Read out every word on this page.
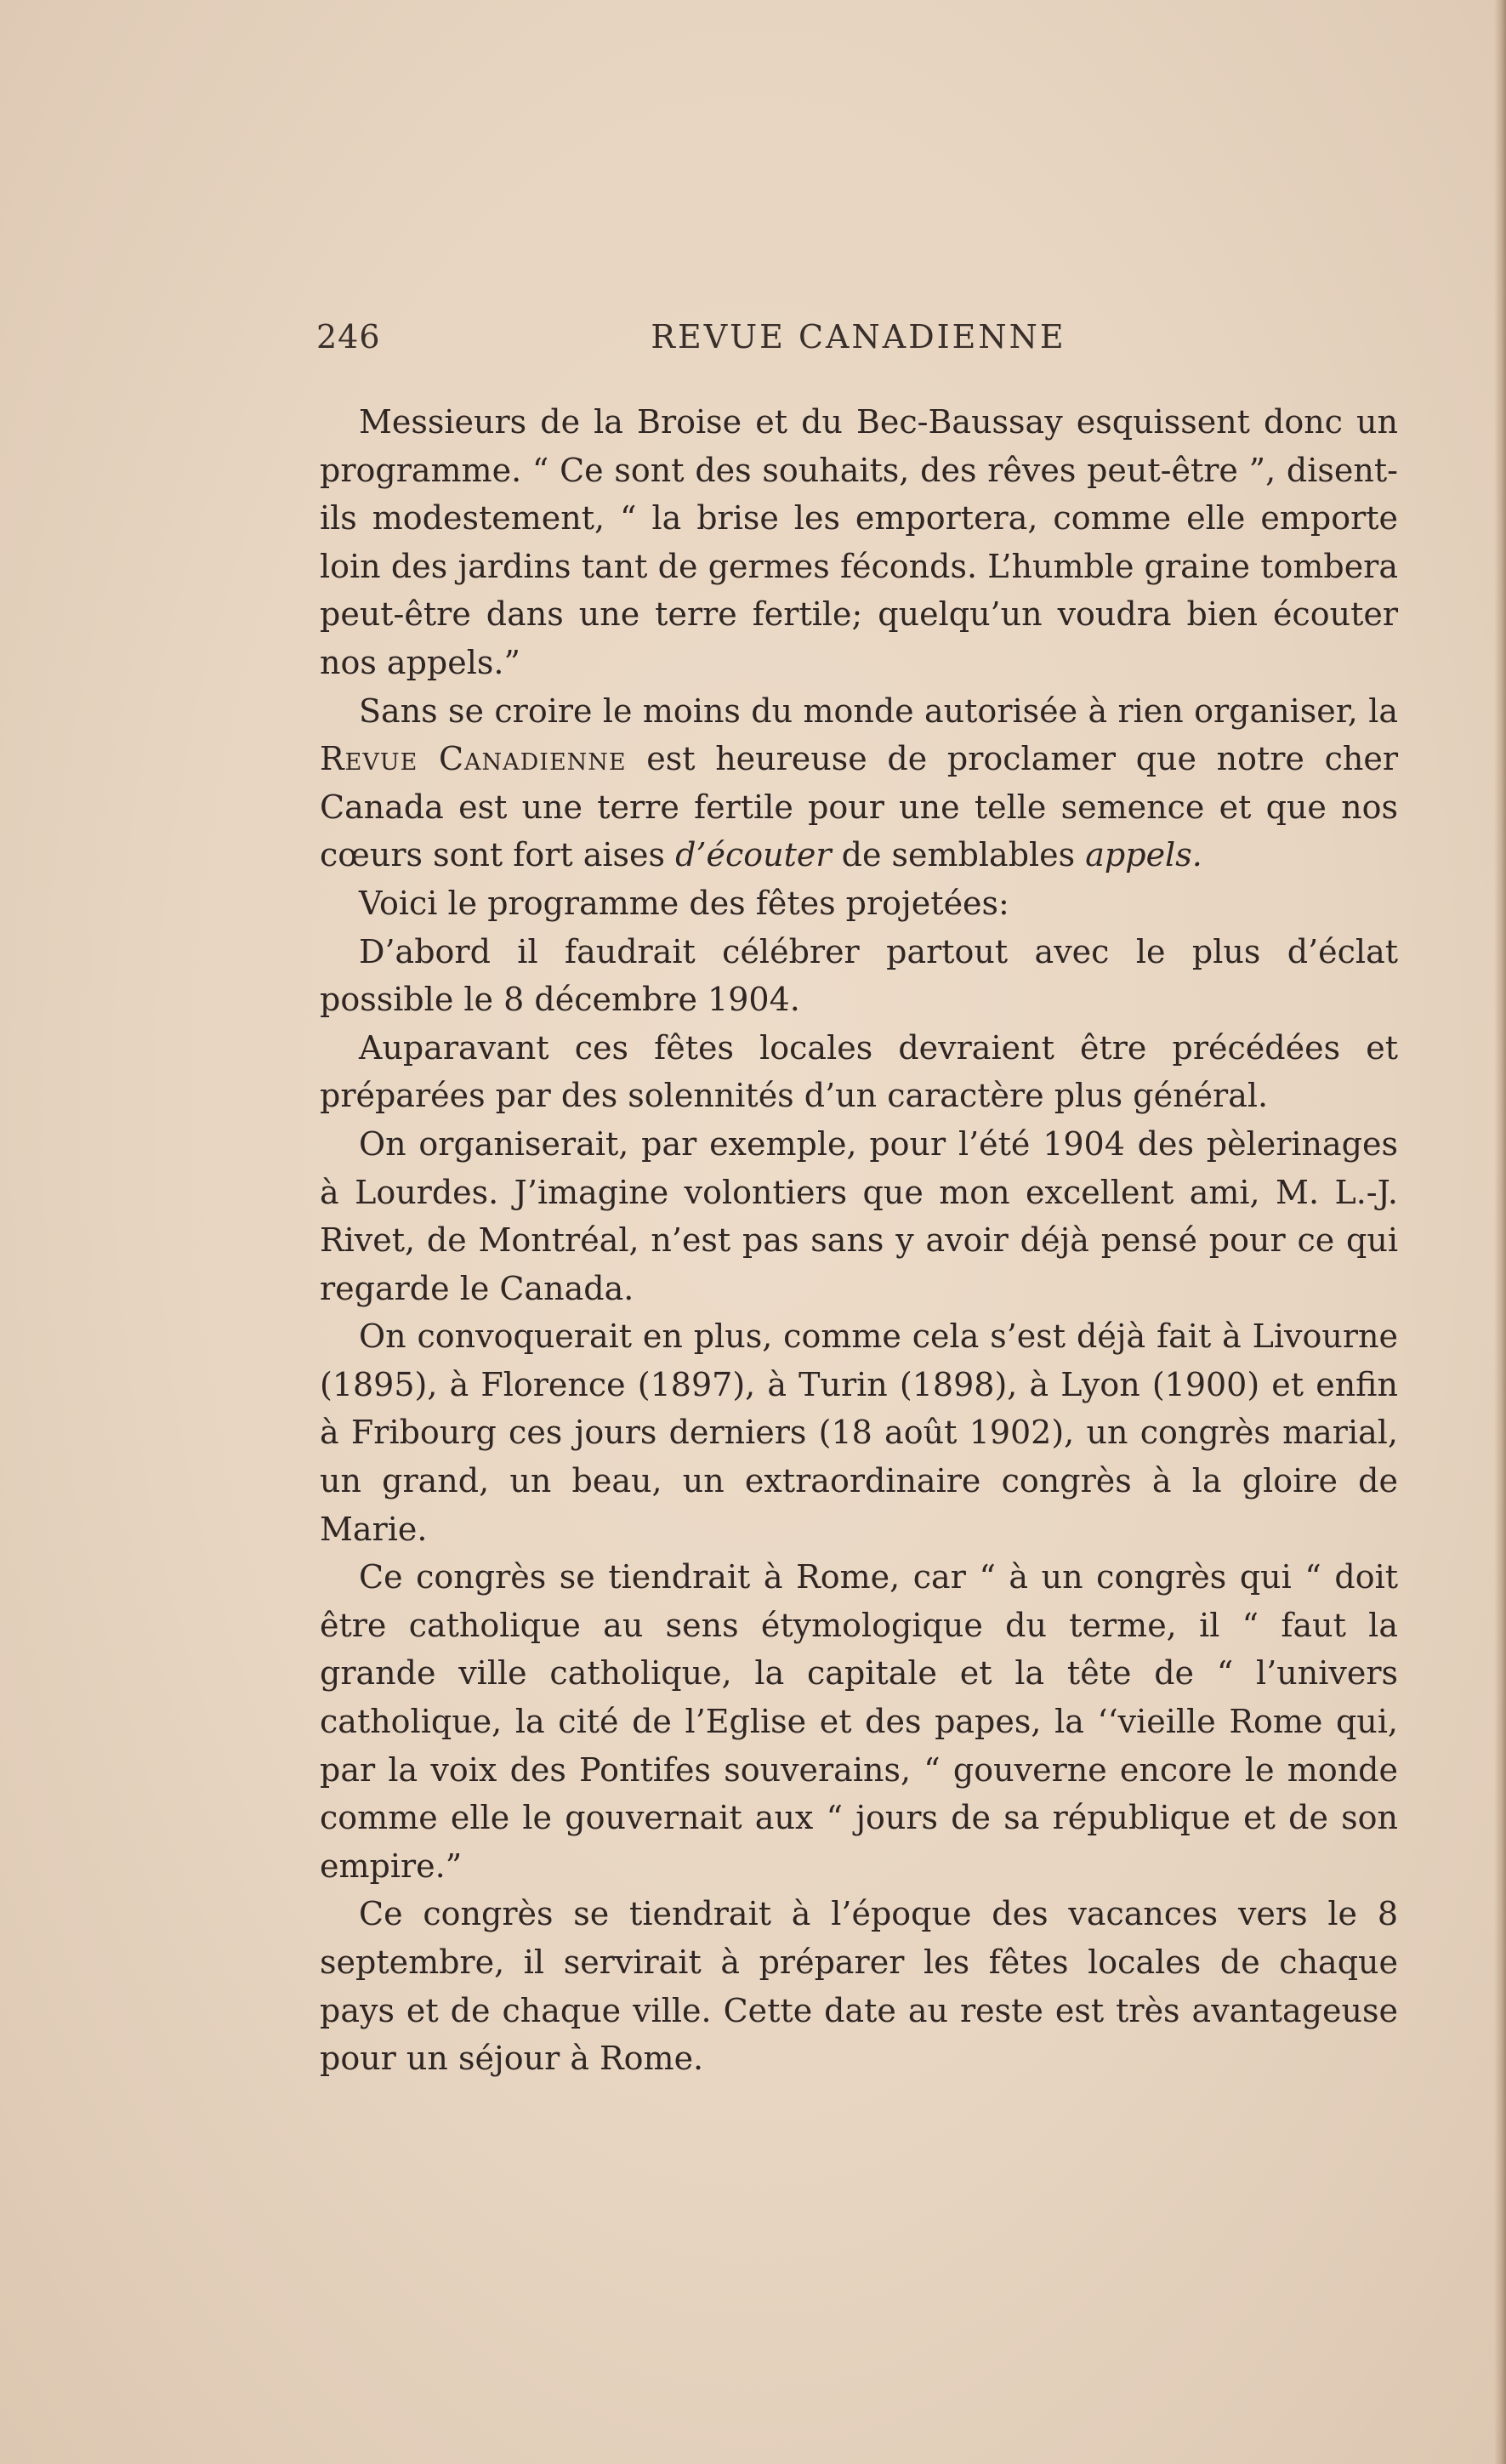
246	REVUE CANADIENNE

Messieurs de la Broise et du Bec-Baussay esquissent donc un programme. “ Ce sont des souhaits, des rêves peut-être ”, disent-ils modestement, “ la brise les emportera, comme elle emporte loin des jardins tant de germes féconds. L’humble graine tombera peut-être dans une terre fertile; quelqu’un voudra bien écouter nos appels.”

Sans se croire le moins du monde autorisée à rien organiser, la Revue Canadienne est heureuse de proclamer que notre cher Canada est une terre fertile pour une telle semence et que nos cœurs sont fort aises d’écouter de semblables appels.

Voici le programme des fêtes projetées:

D’abord il faudrait célébrer partout avec le plus d’éclat possible le 8 décembre 1904.

Auparavant ces fêtes locales devraient être précédées et préparées par des solennités d’un caractère plus général.

On organiserait, par exemple, pour l’été 1904 des pèlerinages à Lourdes. J’imagine volontiers que mon excellent ami, M. L.-J. Rivet, de Montréal, n’est pas sans y avoir déjà pensé pour ce qui regarde le Canada.

On convoquerait en plus, comme cela s’est déjà fait à Livourne (1895), à Florence (1897), à Turin (1898), à Lyon (1900) et enfin à Fribourg ces jours derniers (18 août 1902), un congrès marial, un grand, un beau, un extraordinaire congrès à la gloire de Marie.

Ce congrès se tiendrait à Rome, car “ à un congrès qui “ doit être catholique au sens étymologique du terme, il “ faut la grande ville catholique, la capitale et la tête de “ l’univers catholique, la cité de l’Eglise et des papes, la ‘‘vieille Rome qui, par la voix des Pontifes souverains, “ gouverne encore le monde comme elle le gouvernait aux “ jours de sa république et de son empire.”

Ce congrès se tiendrait à l’époque des vacances vers le 8 septembre, il servirait à préparer les fêtes locales de chaque pays et de chaque ville. Cette date au reste est très avantageuse pour un séjour à Rome.
